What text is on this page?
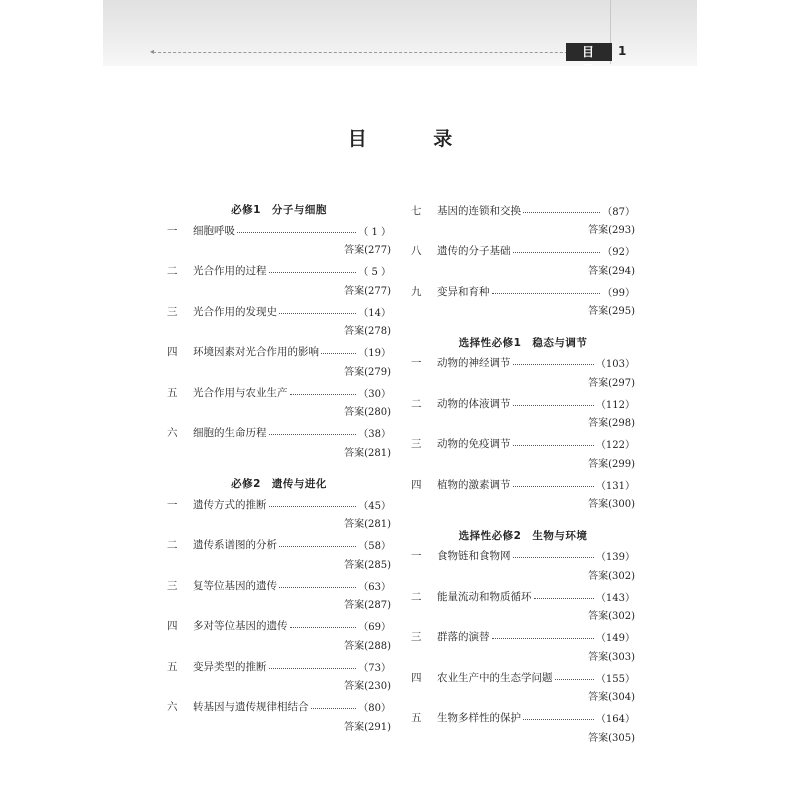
◂	目 录
1
目 录
必修1　分子与细胞
一	细胞呼吸	（ 1 ）
答案(277)
二	光合作用的过程	（ 5 ）
答案(277)
三	光合作用的发现史	（14）
答案(278)
四	环境因素对光合作用的影响	（19）
答案(279)
五	光合作用与农业生产	（30）
答案(280)
六	细胞的生命历程	（38）
答案(281)
必修2　遗传与进化
一	遗传方式的推断	（45）
答案(281)
二	遗传系谱图的分析	（58）
答案(285)
三	复等位基因的遗传	（63）
答案(287)
四	多对等位基因的遗传	（69）
答案(288)
五	变异类型的推断	（73）
答案(230)
六	转基因与遗传规律相结合	（80）
答案(291)
七	基因的连锁和交换	（87）
答案(293)
八	遗传的分子基础	（92）
答案(294)
九	变异和育种	（99）
答案(295)
选择性必修1　稳态与调节
一	动物的神经调节	（103）
答案(297)
二	动物的体液调节	（112）
答案(298)
三	动物的免疫调节	（122）
答案(299)
四	植物的激素调节	（131）
答案(300)
选择性必修2　生物与环境
一	食物链和食物网	（139）
答案(302)
二	能量流动和物质循环	（143）
答案(302)
三	群落的演替	（149）
答案(303)
四	农业生产中的生态学问题	（155）
答案(304)
五	生物多样性的保护	（164）
答案(305)
